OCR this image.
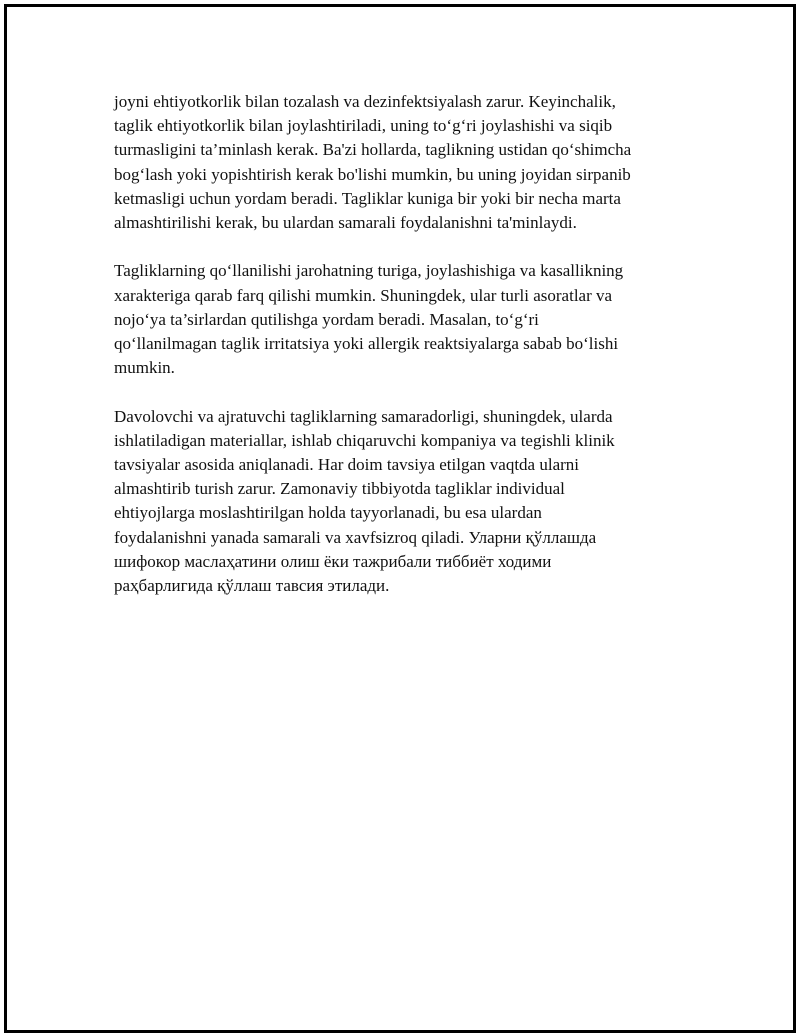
joyni ehtiyotkorlik bilan tozalash va dezinfektsiyalash zarur. Keyinchalik,
taglik ehtiyotkorlik bilan joylashtiriladi, uning to‘g‘ri joylashishi va siqib
turmasligini ta’minlash kerak. Ba'zi hollarda, taglikning ustidan qo‘shimcha
bog‘lash yoki yopishtirish kerak bo'lishi mumkin, bu uning joyidan sirpanib
ketmasligi uchun yordam beradi. Tagliklar kuniga bir yoki bir necha marta
almashtirilishi kerak, bu ulardan samarali foydalanishni ta'minlaydi.

Tagliklarning qo‘llanilishi jarohatning turiga, joylashishiga va kasallikning
xarakteriga qarab farq qilishi mumkin. Shuningdek, ular turli asoratlar va
nojo‘ya ta’sirlardan qutilishga yordam beradi. Masalan, to‘g‘ri
qo‘llanilmagan taglik irritatsiya yoki allergik reaktsiyalarga sabab bo‘lishi
mumkin.

Davolovchi va ajratuvchi tagliklarning samaradorligi, shuningdek, ularda
ishlatiladigan materiallar, ishlab chiqaruvchi kompaniya va tegishli klinik
tavsiyalar asosida aniqlanadi. Har doim tavsiya etilgan vaqtda ularni
almashtirib turish zarur. Zamonaviy tibbiyotda tagliklar individual
ehtiyojlarga moslashtirilgan holda tayyorlanadi, bu esa ulardan
foydalanishni yanada samarali va xavfsizroq qiladi. Уларни қўллашда
шифокор маслаҳатини олиш ёки тажрибали тиббиёт ходими
раҳбарлигида қўллаш тавсия этилади.
